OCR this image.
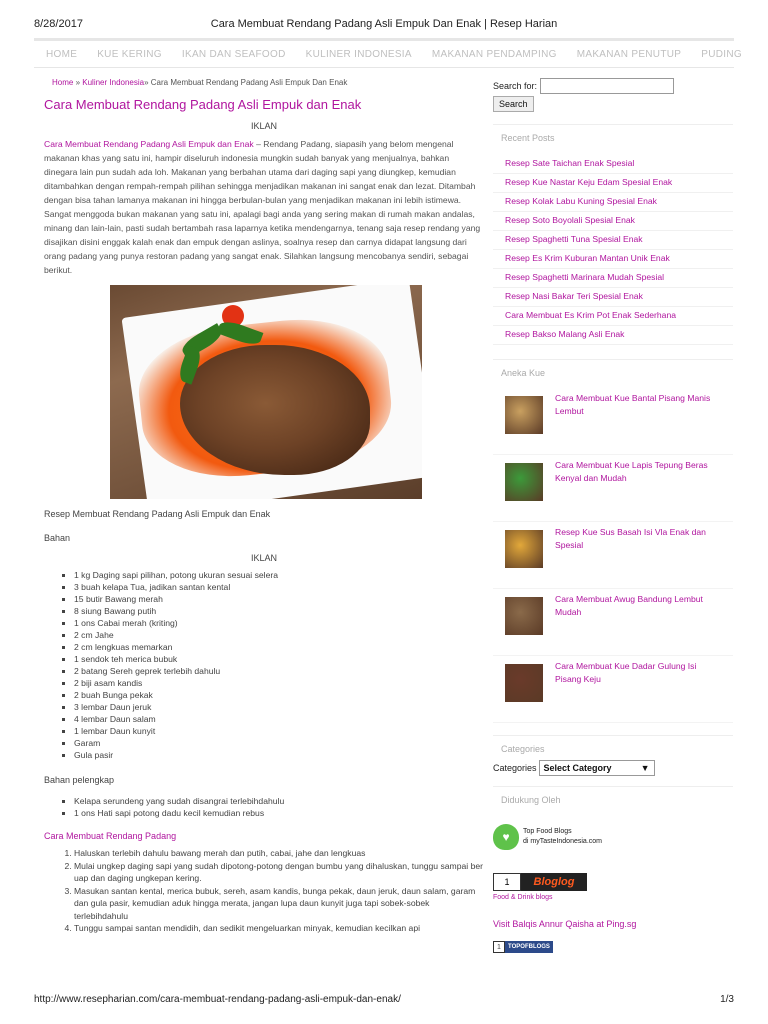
8/28/2017	Cara Membuat Rendang Padang Asli Empuk Dan Enak | Resep Harian
HOME KUE KERING IKAN DAN SEAFOOD KULINER INDONESIA MAKANAN PENDAMPING MAKANAN PENUTUP PUDING
Home » Kuliner Indonesia» Cara Membuat Rendang Padang Asli Empuk Dan Enak
Cara Membuat Rendang Padang Asli Empuk dan Enak
IKLAN

Cara Membuat Rendang Padang Asli Empuk dan Enak – Rendang Padang, siapasih yang belom mengenal makanan khas yang satu ini, hampir diseluruh indonesia mungkin sudah banyak yang menjualnya, bahkan dinegara lain pun sudah ada loh. Makanan yang berbahan utama dari daging sapi yang diungkep, kemudian ditambahkan dengan rempah-rempah pilihan sehingga menjadikan makanan ini sangat enak dan lezat. Ditambah dengan bisa tahan lamanya makanan ini hingga berbulan-bulan yang menjadikan makanan ini lebih istimewa. Sangat menggoda bukan makanan yang satu ini, apalagi bagi anda yang sering makan di rumah makan andalas, minang dan lain-lain, pasti sudah bertambah rasa laparnya ketika mendengarnya, tenang saja resep rendang yang disajikan disini enggak kalah enak dan empuk dengan aslinya, soalnya resep dan carnya didapat langsung dari orang padang yang punya restoran padang yang sangat enak. Silahkan langsung mencobanya sendiri, sebagai berikut.

Resep Membuat Rendang Padang Asli Empuk dan Enak
Bahan
IKLAN
▪ 1 kg Daging sapi pilihan, potong ukuran sesuai selera
▪ 3 buah kelapa Tua, jadikan santan kental
▪ 15 butir Bawang merah
▪ 8 siung Bawang putih
▪ 1 ons Cabai merah (kriting)
▪ 2 cm Jahe
▪ 2 cm lengkuas memarkan
▪ 1 sendok teh merica bubuk
▪ 2 batang Sereh geprek terlebih dahulu
▪ 2 biji asam kandis
▪ 2 buah Bunga pekak
▪ 3 lembar Daun jeruk
▪ 4 lembar Daun salam
▪ 1 lembar Daun kunyit
▪ Garam
▪ Gula pasir
Bahan pelengkap
▪ Kelapa serundeng yang sudah disangrai terlebihdahulu
▪ 1 ons Hati sapi potong dadu kecil kemudian rebus
Cara Membuat Rendang Padang
1. Haluskan terlebih dahulu bawang merah dan putih, cabai, jahe dan lengkuas
2. Mulai ungkep daging sapi yang sudah dipotong-potong dengan bumbu yang dihaluskan, tunggu sampai ber uap dan daging ungkepan kering.
3. Masukan santan kental, merica bubuk, sereh, asam kandis, bunga pekak, daun jeruk, daun salam, garam dan gula pasir, kemudian aduk hingga merata, jangan lupa daun kunyit juga tapi sobek-sobek terlebihdahulu
4. Tunggu sampai santan mendidih, dan sedikit mengeluarkan minyak, kemudian kecilkan api
Search for:
Search
Recent Posts
Resep Sate Taichan Enak Spesial
Resep Kue Nastar Keju Edam Spesial Enak
Resep Kolak Labu Kuning Spesial Enak
Resep Soto Boyolali Spesial Enak
Resep Spaghetti Tuna Spesial Enak
Resep Es Krim Kuburan Mantan Unik Enak
Resep Spaghetti Marinara Mudah Spesial
Resep Nasi Bakar Teri Spesial Enak
Cara Membuat Es Krim Pot Enak Sederhana
Resep Bakso Malang Asli Enak
Aneka Kue
Cara Membuat Kue Bantal Pisang Manis Lembut
Cara Membuat Kue Lapis Tepung Beras Kenyal dan Mudah
Resep Kue Sus Basah Isi Vla Enak dan Spesial
Cara Membuat Awug Bandung Lembut Mudah
Cara Membuat Kue Dadar Gulung Isi Pisang Keju
Categories
Categories Select Category	▼
Didukung Oleh
♥	Top Food Blogs
di myTasteIndonesia.com
1	Bloglog
Food & Drink blogs
Visit Balqis Annur Qaisha at Ping.sg
1	TOPOFBLOGS
http://www.resepharian.com/cara-membuat-rendang-padang-asli-empuk-dan-enak/	1/3
